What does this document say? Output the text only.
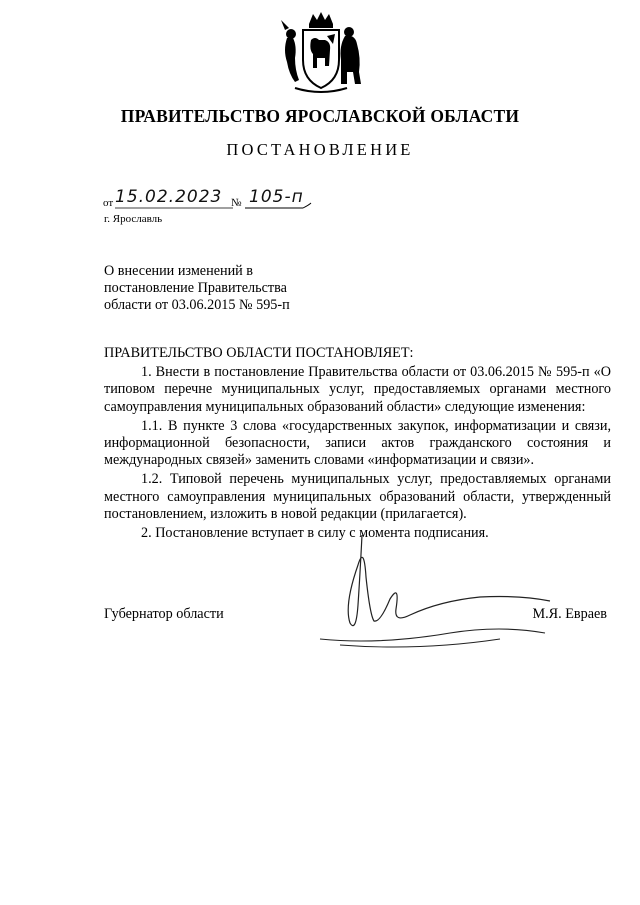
ПРАВИТЕЛЬСТВО ЯРОСЛАВСКОЙ ОБЛАСТИ
ПОСТАНОВЛЕНИЕ
от 15.02.2023 № 105-п
г. Ярославль
О внесении изменений в
постановление Правительства
области от 03.06.2015 № 595-п

ПРАВИТЕЛЬСТВО ОБЛАСТИ ПОСТАНОВЛЯЕТ:

1. Внести в постановление Правительства области от 03.06.2015 № 595-п «О типовом перечне муниципальных услуг, предоставляемых органами местного самоуправления муниципальных образований области» следующие изменения:

1.1. В пункте 3 слова «государственных закупок, информатизации и связи, информационной безопасности, записи актов гражданского состояния и международных связей» заменить словами «информатизации и связи».

1.2. Типовой перечень муниципальных услуг, предоставляемых органами местного самоуправления муниципальных образований области, утвержденный постановлением, изложить в новой редакции (прилагается).

2. Постановление вступает в силу с момента подписания.

Губернатор области	М.Я. Евраев
